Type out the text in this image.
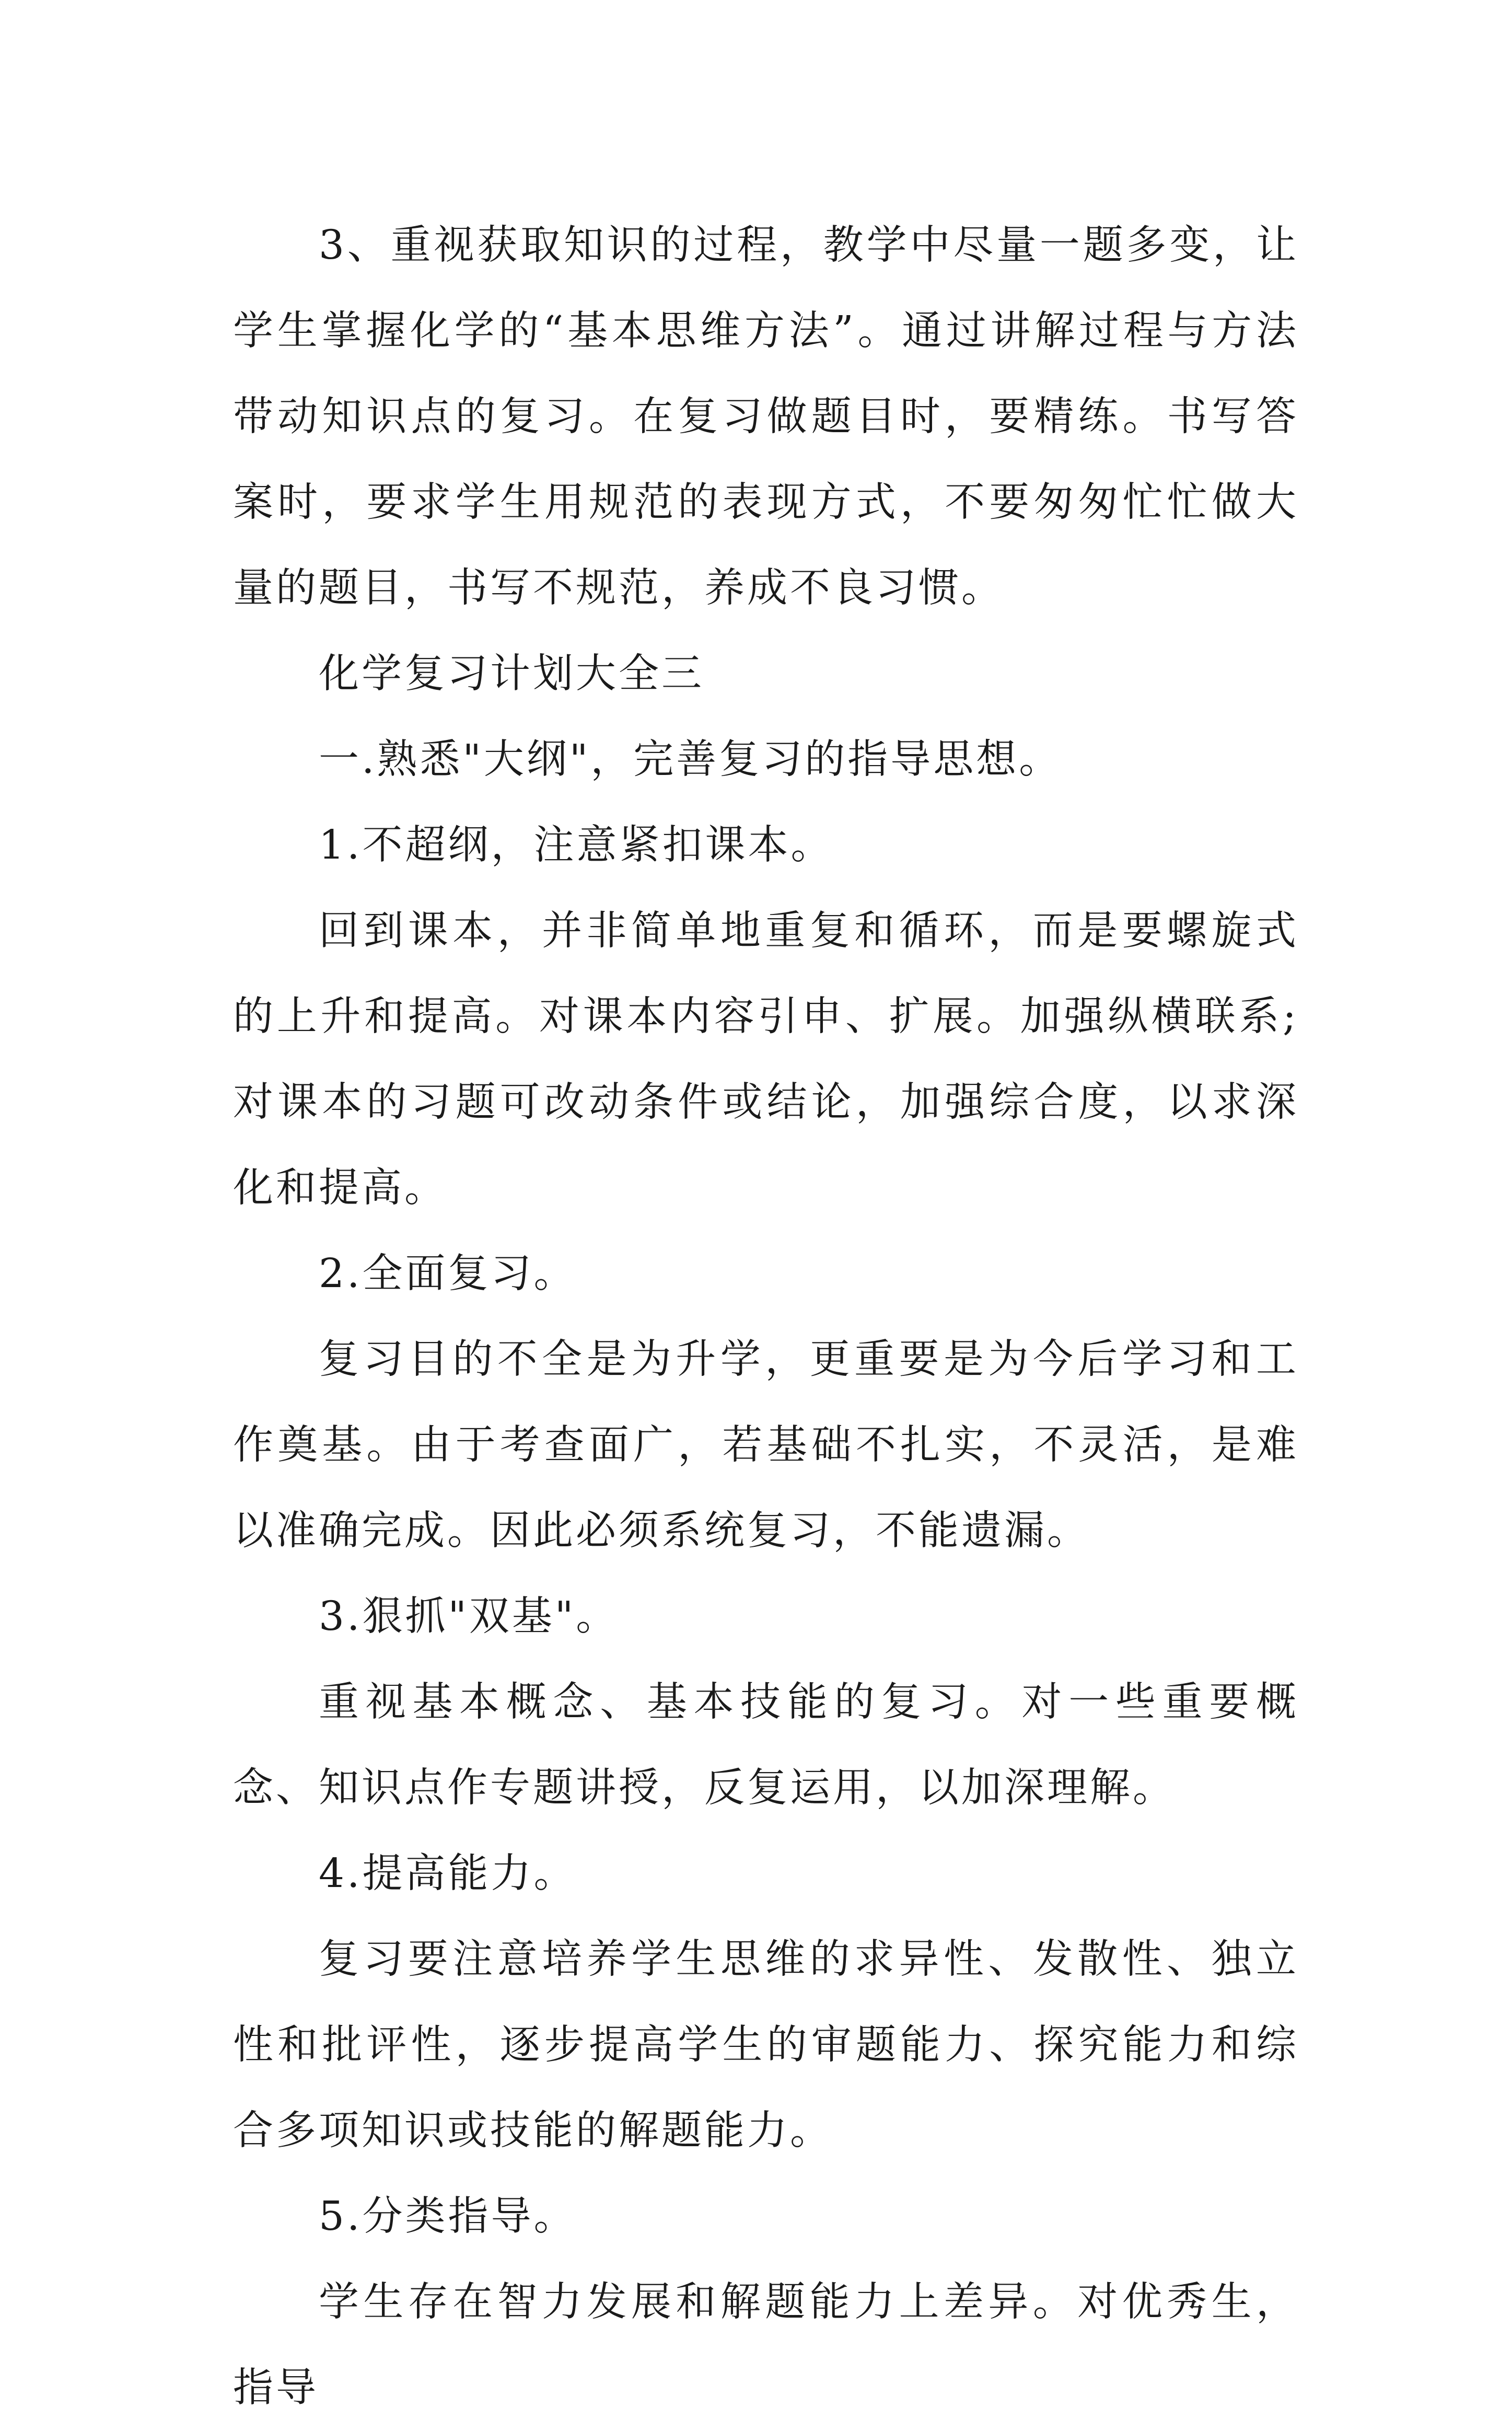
3、重视获取知识的过程，教学中尽量一题多变，让学生掌握化学的“基本思维方法”。通过讲解过程与方法带动知识点的复习。在复习做题目时，要精练。书写答案时，要求学生用规范的表现方式，不要匆匆忙忙做大量的题目，书写不规范，养成不良习惯。

化学复习计划大全三

一.熟悉"大纲"，完善复习的指导思想。

1.不超纲，注意紧扣课本。

回到课本，并非简单地重复和循环，而是要螺旋式的上升和提高。对课本内容引申、扩展。加强纵横联系;对课本的习题可改动条件或结论，加强综合度，以求深化和提高。

2.全面复习。

复习目的不全是为升学，更重要是为今后学习和工作奠基。由于考查面广，若基础不扎实，不灵活，是难以准确完成。因此必须系统复习，不能遗漏。

3.狠抓"双基"。

重视基本概念、基本技能的复习。对一些重要概念、知识点作专题讲授，反复运用，以加深理解。

4.提高能力。

复习要注意培养学生思维的求异性、发散性、独立性和批评性，逐步提高学生的审题能力、探究能力和综合多项知识或技能的解题能力。

5.分类指导。

学生存在智力发展和解题能力上差异。对优秀生，指导
